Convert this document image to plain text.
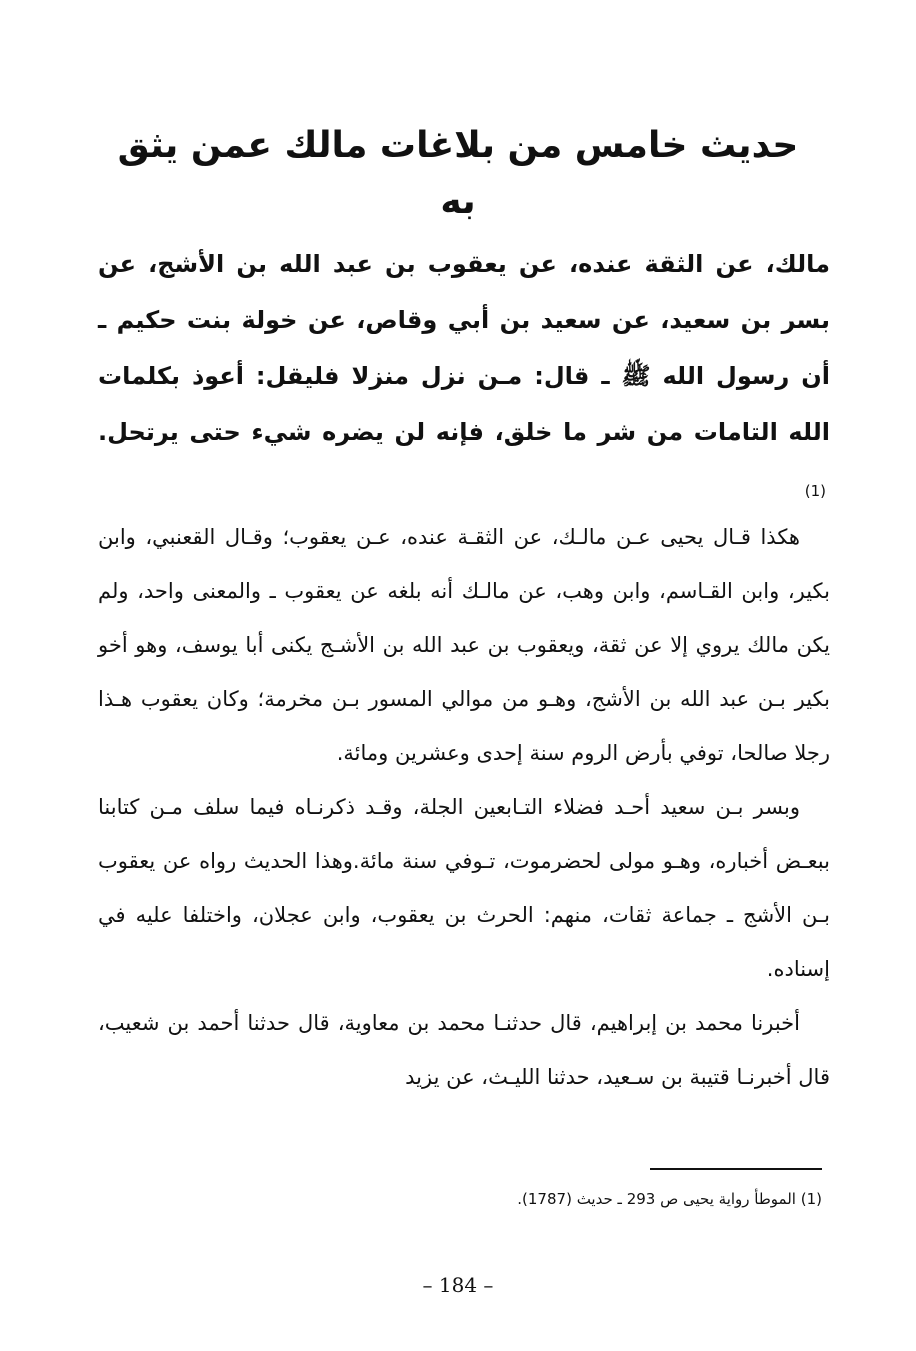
حديث خامس من بلاغات مالك عمن يثق به

مالك، عن الثقة عنده، عن يعقوب بن عبد الله بن الأشج، عن بسر بن سعيد، عن سعيد بن أبي وقاص، عن خولة بنت حكيم ـ أن رسول الله ﷺ ـ قال: مـن نزل منزلا فليقل: أعوذ بكلمات الله التامات من شر ما خلق، فإنه لن يضره شيء حتى يرتحل.(1)

هكذا قـال يحيى عـن مالـك، عن الثقـة عنده، عـن يعقوب؛ وقـال القعنبي، وابن بكير، وابن القـاسم، وابن وهب، عن مالـك أنه بلغه عن يعقوب ـ والمعنى واحد، ولم يكن مالك يروي إلا عن ثقة، ويعقوب بن عبد الله بن الأشـج يكنى أبا يوسف، وهو أخو بكير بـن عبد الله بن الأشج، وهـو من موالي المسور بـن مخرمة؛ وكان يعقوب هـذا رجلا صالحا، توفي بأرض الروم سنة إحدى وعشرين ومائة.

وبسر بـن سعيد أحـد فضلاء التـابعين الجلة، وقـد ذكرنـاه فيما سلف مـن كتابنا ببعـض أخباره، وهـو مولى لحضرموت، تـوفي سنة مائة.وهذا الحديث رواه عن يعقوب بـن الأشج ـ جماعة ثقات، منهم: الحرث بن يعقوب، وابن عجلان، واختلفا عليه في إسناده.

أخبرنا محمد بن إبراهيم، قال حدثنـا محمد بن معاوية، قال حدثنا أحمد بن شعيب، قال أخبرنـا قتيبة بن سـعيد، حدثنا الليـث، عن يزيد

(1) الموطأ رواية يحيى ص 293 ـ حديث (1787).

– 184 –
